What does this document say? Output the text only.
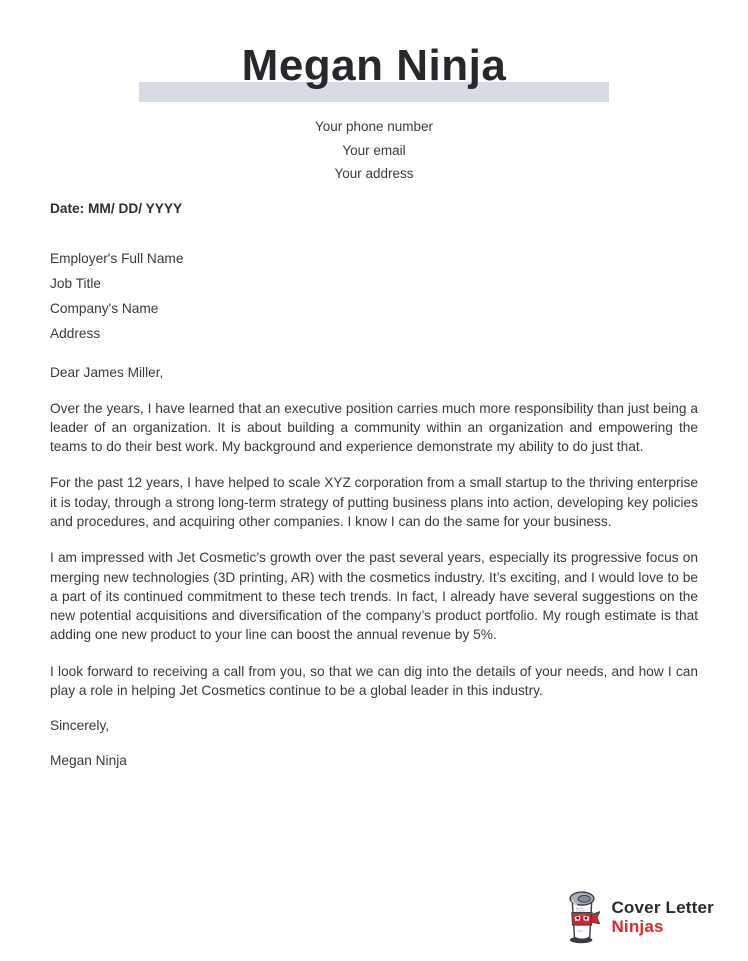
Megan Ninja
Your phone number
Your email
Your address
Date: MM/ DD/ YYYY
Employer's Full Name
Job Title
Company's Name
Address
Dear James Miller,

Over the years, I have learned that an executive position carries much more responsibility than just being a leader of an organization. It is about building a community within an organization and empowering the teams to do their best work. My background and experience demonstrate my ability to do just that.

For the past 12 years, I have helped to scale XYZ corporation from a small startup to the thriving enterprise it is today, through a strong long-term strategy of putting business plans into action, developing key policies and procedures, and acquiring other companies. I know I can do the same for your business.

I am impressed with Jet Cosmetic’s growth over the past several years, especially its progressive focus on merging new technologies (3D printing, AR) with the cosmetics industry. It’s exciting, and I would love to be a part of its continued commitment to these tech trends. In fact, I already have several suggestions on the new potential acquisitions and diversification of the company’s product portfolio. My rough estimate is that adding one new product to your line can boost the annual revenue by 5%.

I look forward to receiving a call from you, so that we can dig into the details of your needs, and how I can play a role in helping Jet Cosmetics continue to be a global leader in this industry.

Sincerely,
Megan Ninja
Cover Letter
Ninjas
